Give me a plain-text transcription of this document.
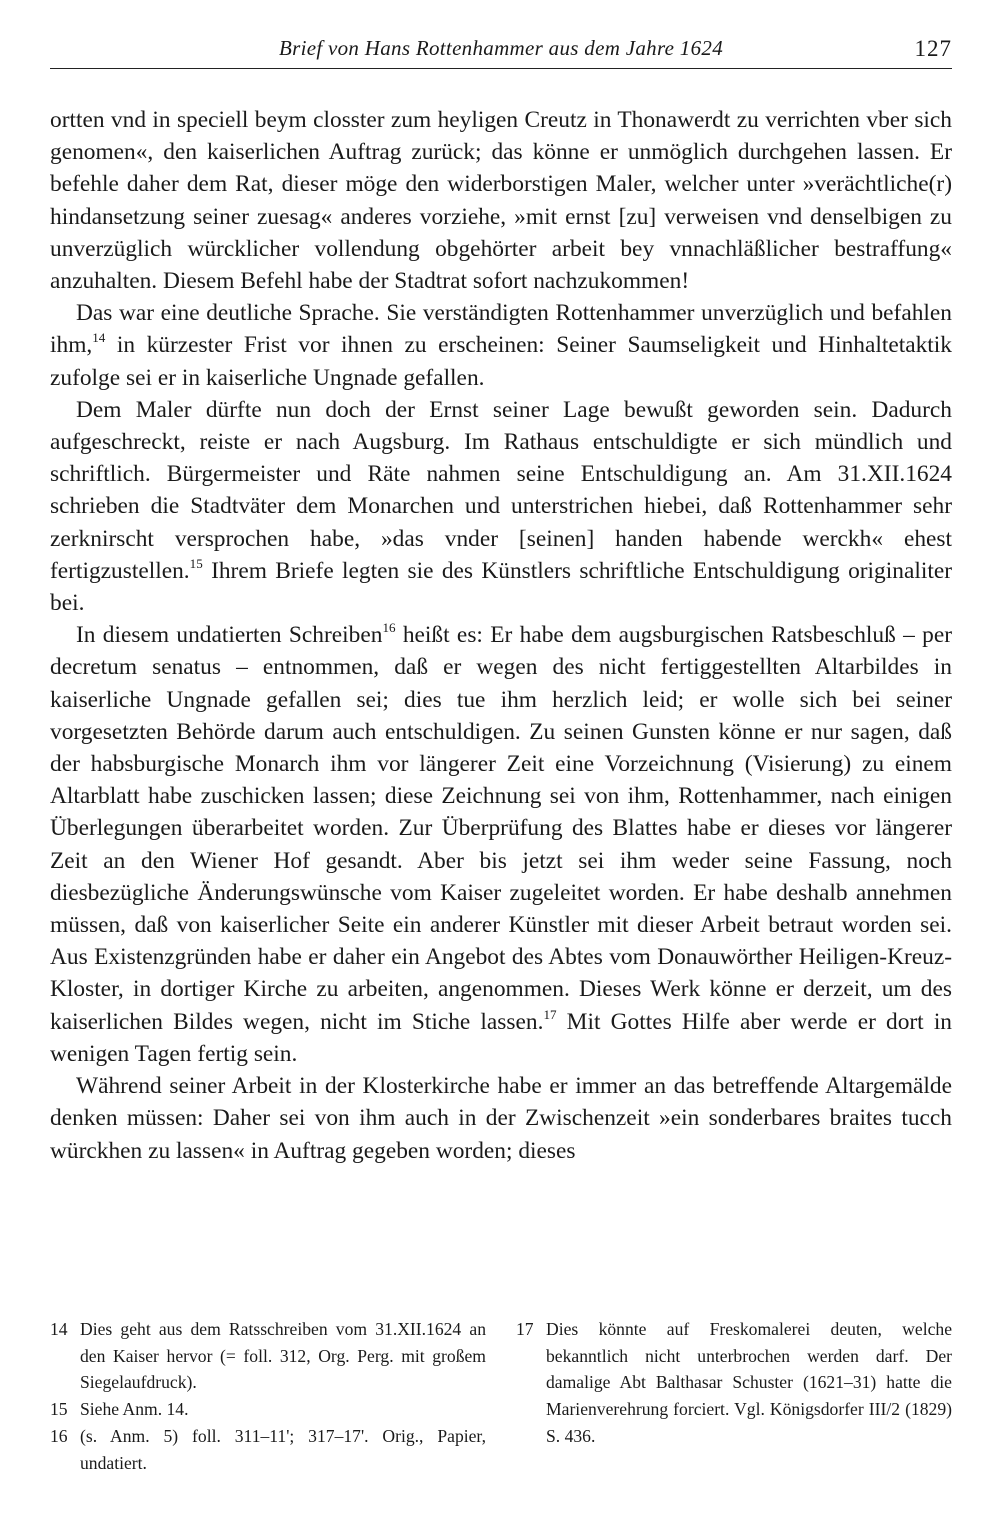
Brief von Hans Rottenhammer aus dem Jahre 1624	127

ortten vnd in speciell beym closster zum heyligen Creutz in Thonawerdt zu verrichten vber sich genomen«, den kaiserlichen Auftrag zurück; das könne er unmöglich durchgehen lassen. Er befehle daher dem Rat, dieser möge den widerborstigen Maler, welcher unter »verächtliche(r) hindansetzung seiner zuesag« anderes vorziehe, »mit ernst [zu] verweisen vnd denselbigen zu unverzüglich würcklicher vollendung obgehörter arbeit bey vnnachläßlicher bestraffung« anzuhalten. Diesem Befehl habe der Stadtrat sofort nachzukommen!

Das war eine deutliche Sprache. Sie verständigten Rottenhammer unverzüglich und befahlen ihm,$^{14}$ in kürzester Frist vor ihnen zu erscheinen: Seiner Saumseligkeit und Hinhaltetaktik zufolge sei er in kaiserliche Ungnade gefallen.

Dem Maler dürfte nun doch der Ernst seiner Lage bewußt geworden sein. Dadurch aufgeschreckt, reiste er nach Augsburg. Im Rathaus entschuldigte er sich mündlich und schriftlich. Bürgermeister und Räte nahmen seine Entschuldigung an. Am 31.XII.1624 schrieben die Stadtväter dem Monarchen und unterstrichen hiebei, daß Rottenhammer sehr zerknirscht versprochen habe, »das vnder [seinen] handen habende werckh« ehest fertigzustellen.$^{15}$ Ihrem Briefe legten sie des Künstlers schriftliche Entschuldigung originaliter bei.

In diesem undatierten Schreiben$^{16}$ heißt es: Er habe dem augsburgischen Ratsbeschluß – per decretum senatus – entnommen, daß er wegen des nicht fertiggestellten Altarbildes in kaiserliche Ungnade gefallen sei; dies tue ihm herzlich leid; er wolle sich bei seiner vorgesetzten Behörde darum auch entschuldigen. Zu seinen Gunsten könne er nur sagen, daß der habsburgische Monarch ihm vor längerer Zeit eine Vorzeichnung (Visierung) zu einem Altarblatt habe zuschicken lassen; diese Zeichnung sei von ihm, Rottenhammer, nach einigen Überlegungen überarbeitet worden. Zur Überprüfung des Blattes habe er dieses vor längerer Zeit an den Wiener Hof gesandt. Aber bis jetzt sei ihm weder seine Fassung, noch diesbezügliche Änderungswünsche vom Kaiser zugeleitet worden. Er habe deshalb annehmen müssen, daß von kaiserlicher Seite ein anderer Künstler mit dieser Arbeit betraut worden sei. Aus Existenzgründen habe er daher ein Angebot des Abtes vom Donauwörther Heiligen-Kreuz-Kloster, in dortiger Kirche zu arbeiten, angenommen. Dieses Werk könne er derzeit, um des kaiserlichen Bildes wegen, nicht im Stiche lassen.$^{17}$ Mit Gottes Hilfe aber werde er dort in wenigen Tagen fertig sein.

Während seiner Arbeit in der Klosterkirche habe er immer an das betreffende Altargemälde denken müssen: Daher sei von ihm auch in der Zwischenzeit »ein sonderbares braites tucch würckhen zu lassen« in Auftrag gegeben worden; dieses

14 Dies geht aus dem Ratsschreiben vom 31.XII.1624 an den Kaiser hervor (= foll. 312, Org. Perg. mit großem Siegelaufdruck).
15 Siehe Anm. 14.
16 (s. Anm. 5) foll. 311–11'; 317–17'. Orig., Papier, undatiert.
17 Dies könnte auf Freskomalerei deuten, welche bekanntlich nicht unterbrochen werden darf. Der damalige Abt Balthasar Schuster (1621–31) hatte die Marienverehrung forciert. Vgl. Königsdorfer III/2 (1829) S. 436.
